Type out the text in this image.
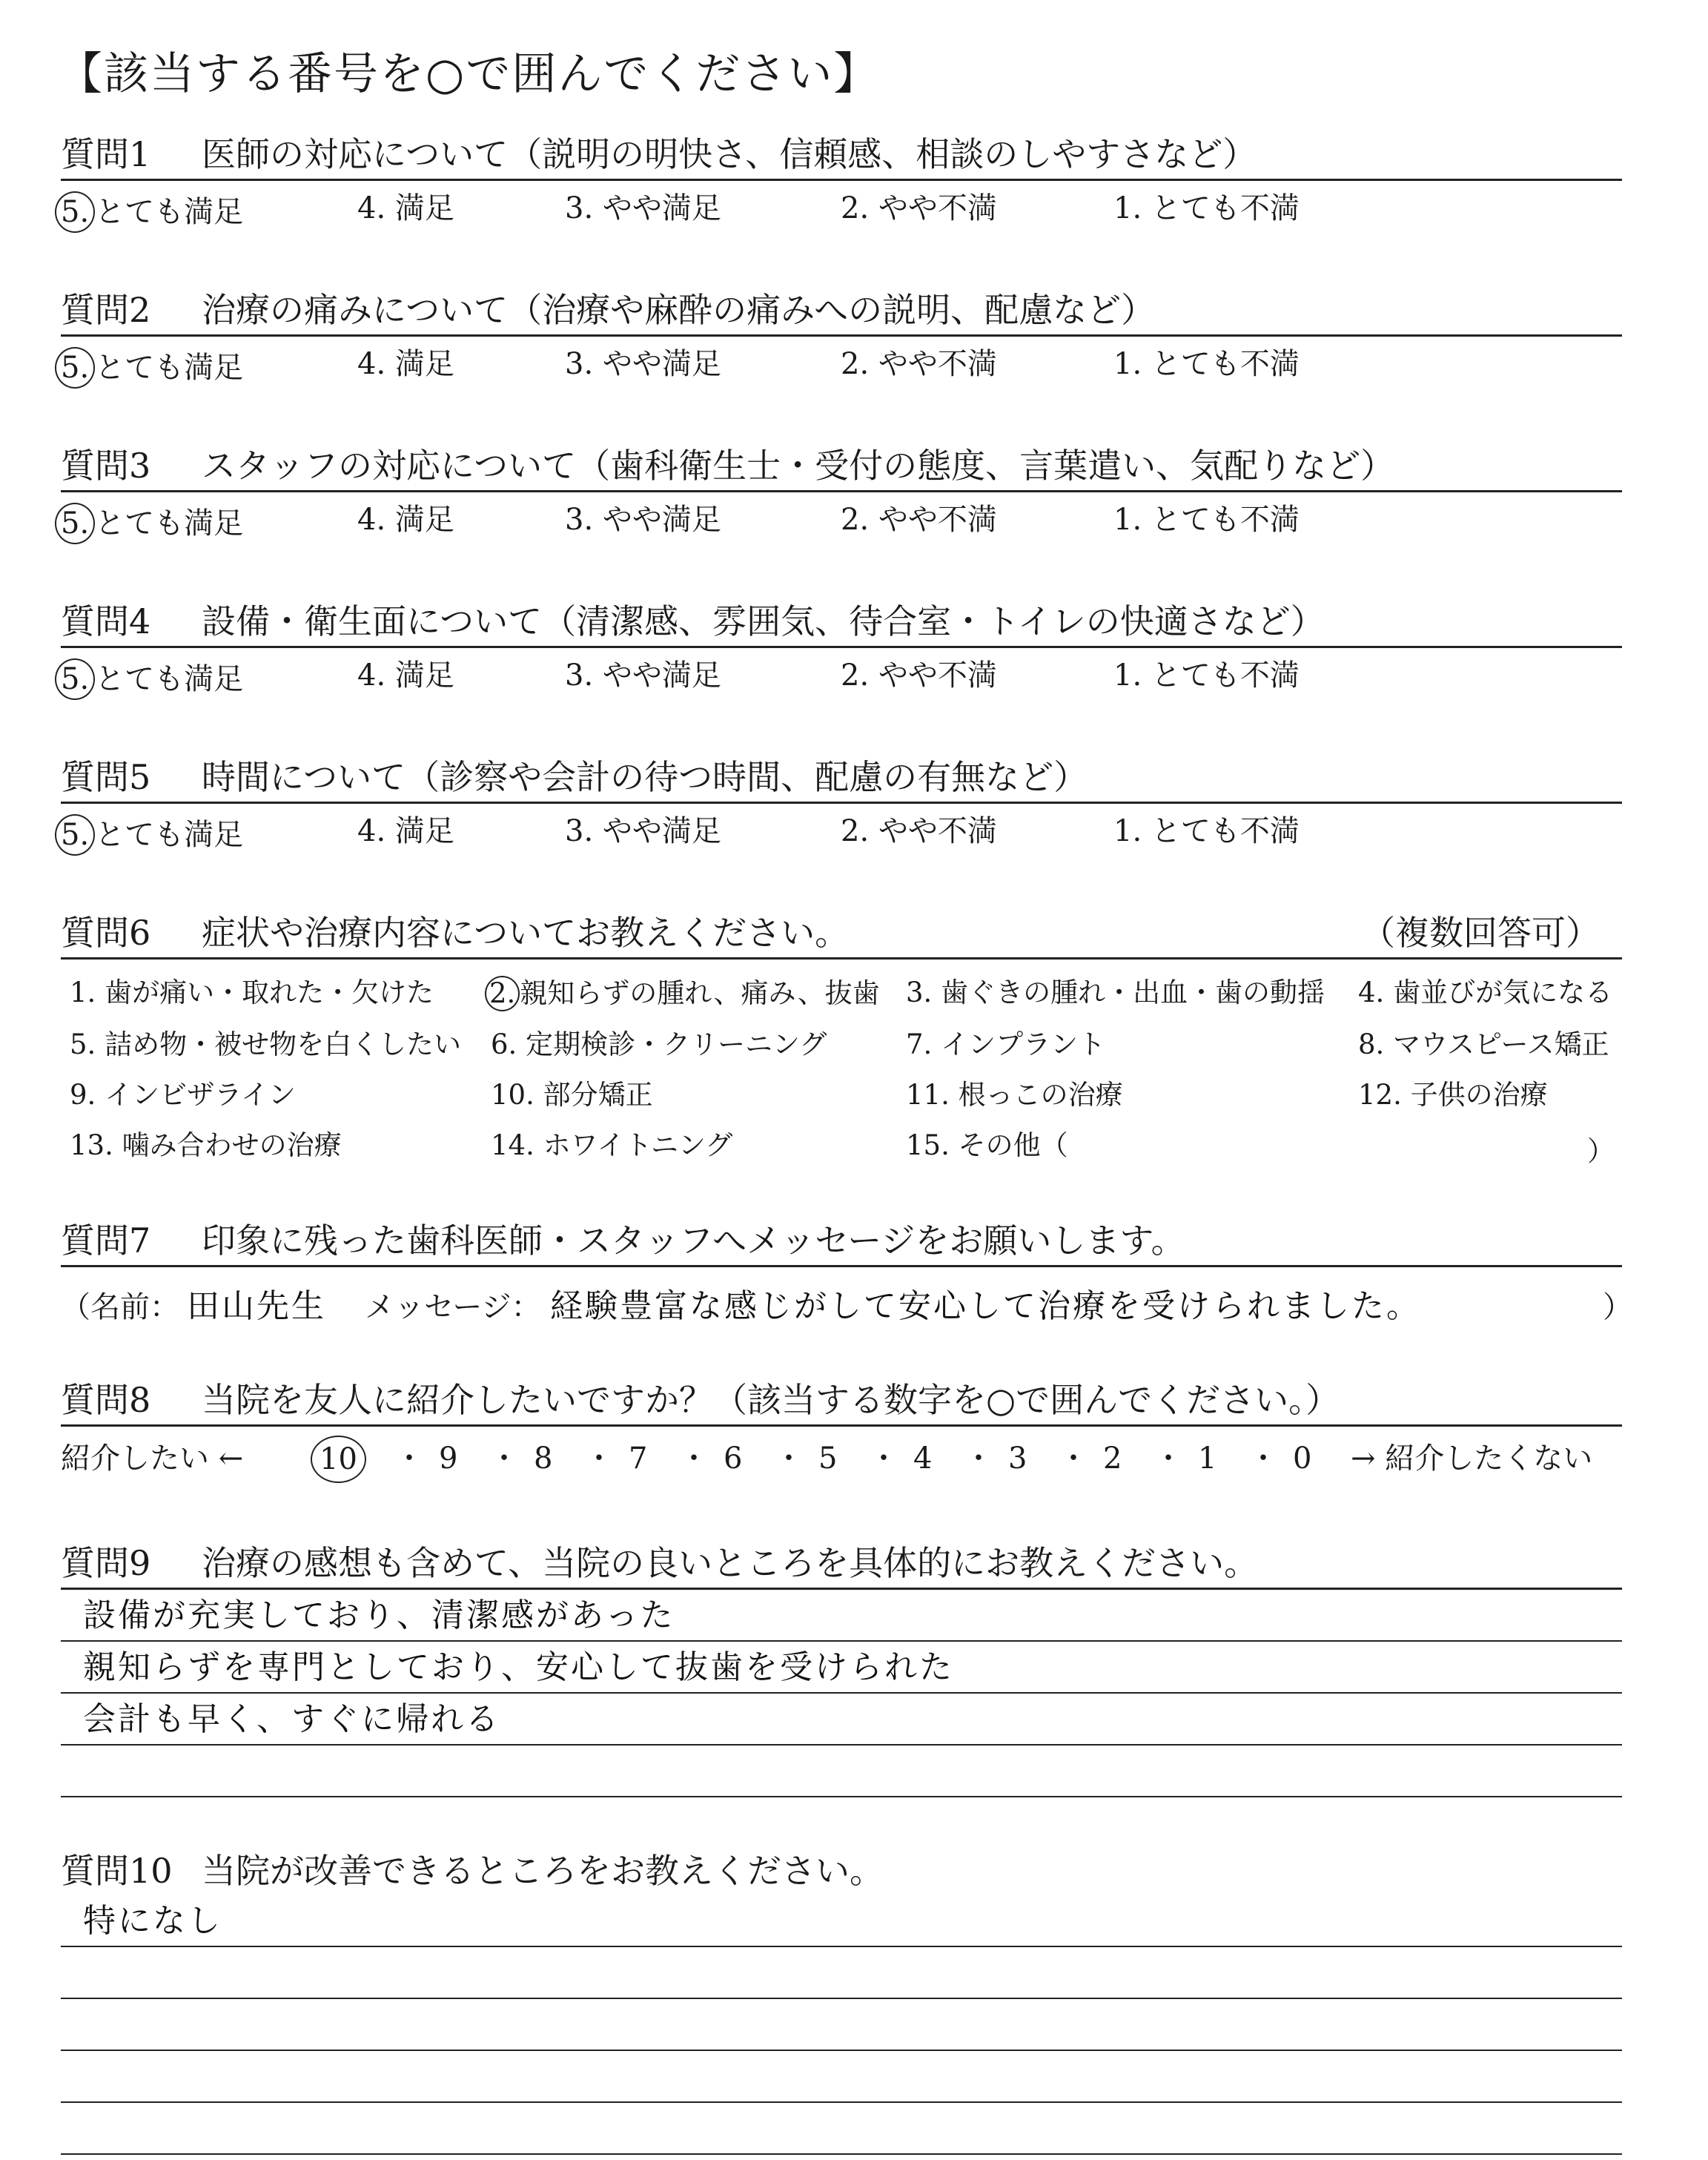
【該当する番号を○で囲んでください】
質問1 医師の対応について（説明の明快さ、信頼感、相談のしやすさなど）
5. とても満足	4. 満足	3. やや満足	2. やや不満	1. とても不満
質問2 治療の痛みについて（治療や麻酔の痛みへの説明、配慮など）
5. とても満足	4. 満足	3. やや満足	2. やや不満	1. とても不満
質問3 スタッフの対応について（歯科衛生士・受付の態度、言葉遣い、気配りなど）
5. とても満足	4. 満足	3. やや満足	2. やや不満	1. とても不満
質問4 設備・衛生面について（清潔感、雰囲気、待合室・トイレの快適さなど）
5. とても満足	4. 満足	3. やや満足	2. やや不満	1. とても不満
質問5 時間について（診察や会計の待つ時間、配慮の有無など）
5. とても満足	4. 満足	3. やや満足	2. やや不満	1. とても不満
質問6 症状や治療内容についてお教えください。	（複数回答可）
1. 歯が痛い・取れた・欠けた 2. 親知らずの腫れ、痛み、抜歯 3. 歯ぐきの腫れ・出血・歯の動揺 4. 歯並びが気になる
5. 詰め物・被せ物を白くしたい 6. 定期検診・クリーニング	7. インプラント	8. マウスピース矯正
9. インビザライン	10. 部分矯正	11. 根っこの治療	12. 子供の治療
13. 噛み合わせの治療	14. ホワイトニング	15. その他（	）
質問7 印象に残った歯科医師・スタッフへメッセージをお願いします。
（名前： 田山先生 メッセージ： 経験豊富な感じがして安心して治療を受けられました。	）
質問8 当院を友人に紹介したいですか？（該当する数字を○で囲んでください。）
紹介したい ←	10	・ 9 ・ 8 ・ 7 ・ 6 ・ 5 ・ 4 ・ 3 ・ 2 ・ 1 ・ 0 → 紹介したくない
質問9 治療の感想も含めて、当院の良いところを具体的にお教えください。
設備が充実しており、清潔感があった
親知らずを専門としており、安心して抜歯を受けられた
会計も早く、すぐに帰れる
質問10 当院が改善できるところをお教えください。
特になし
